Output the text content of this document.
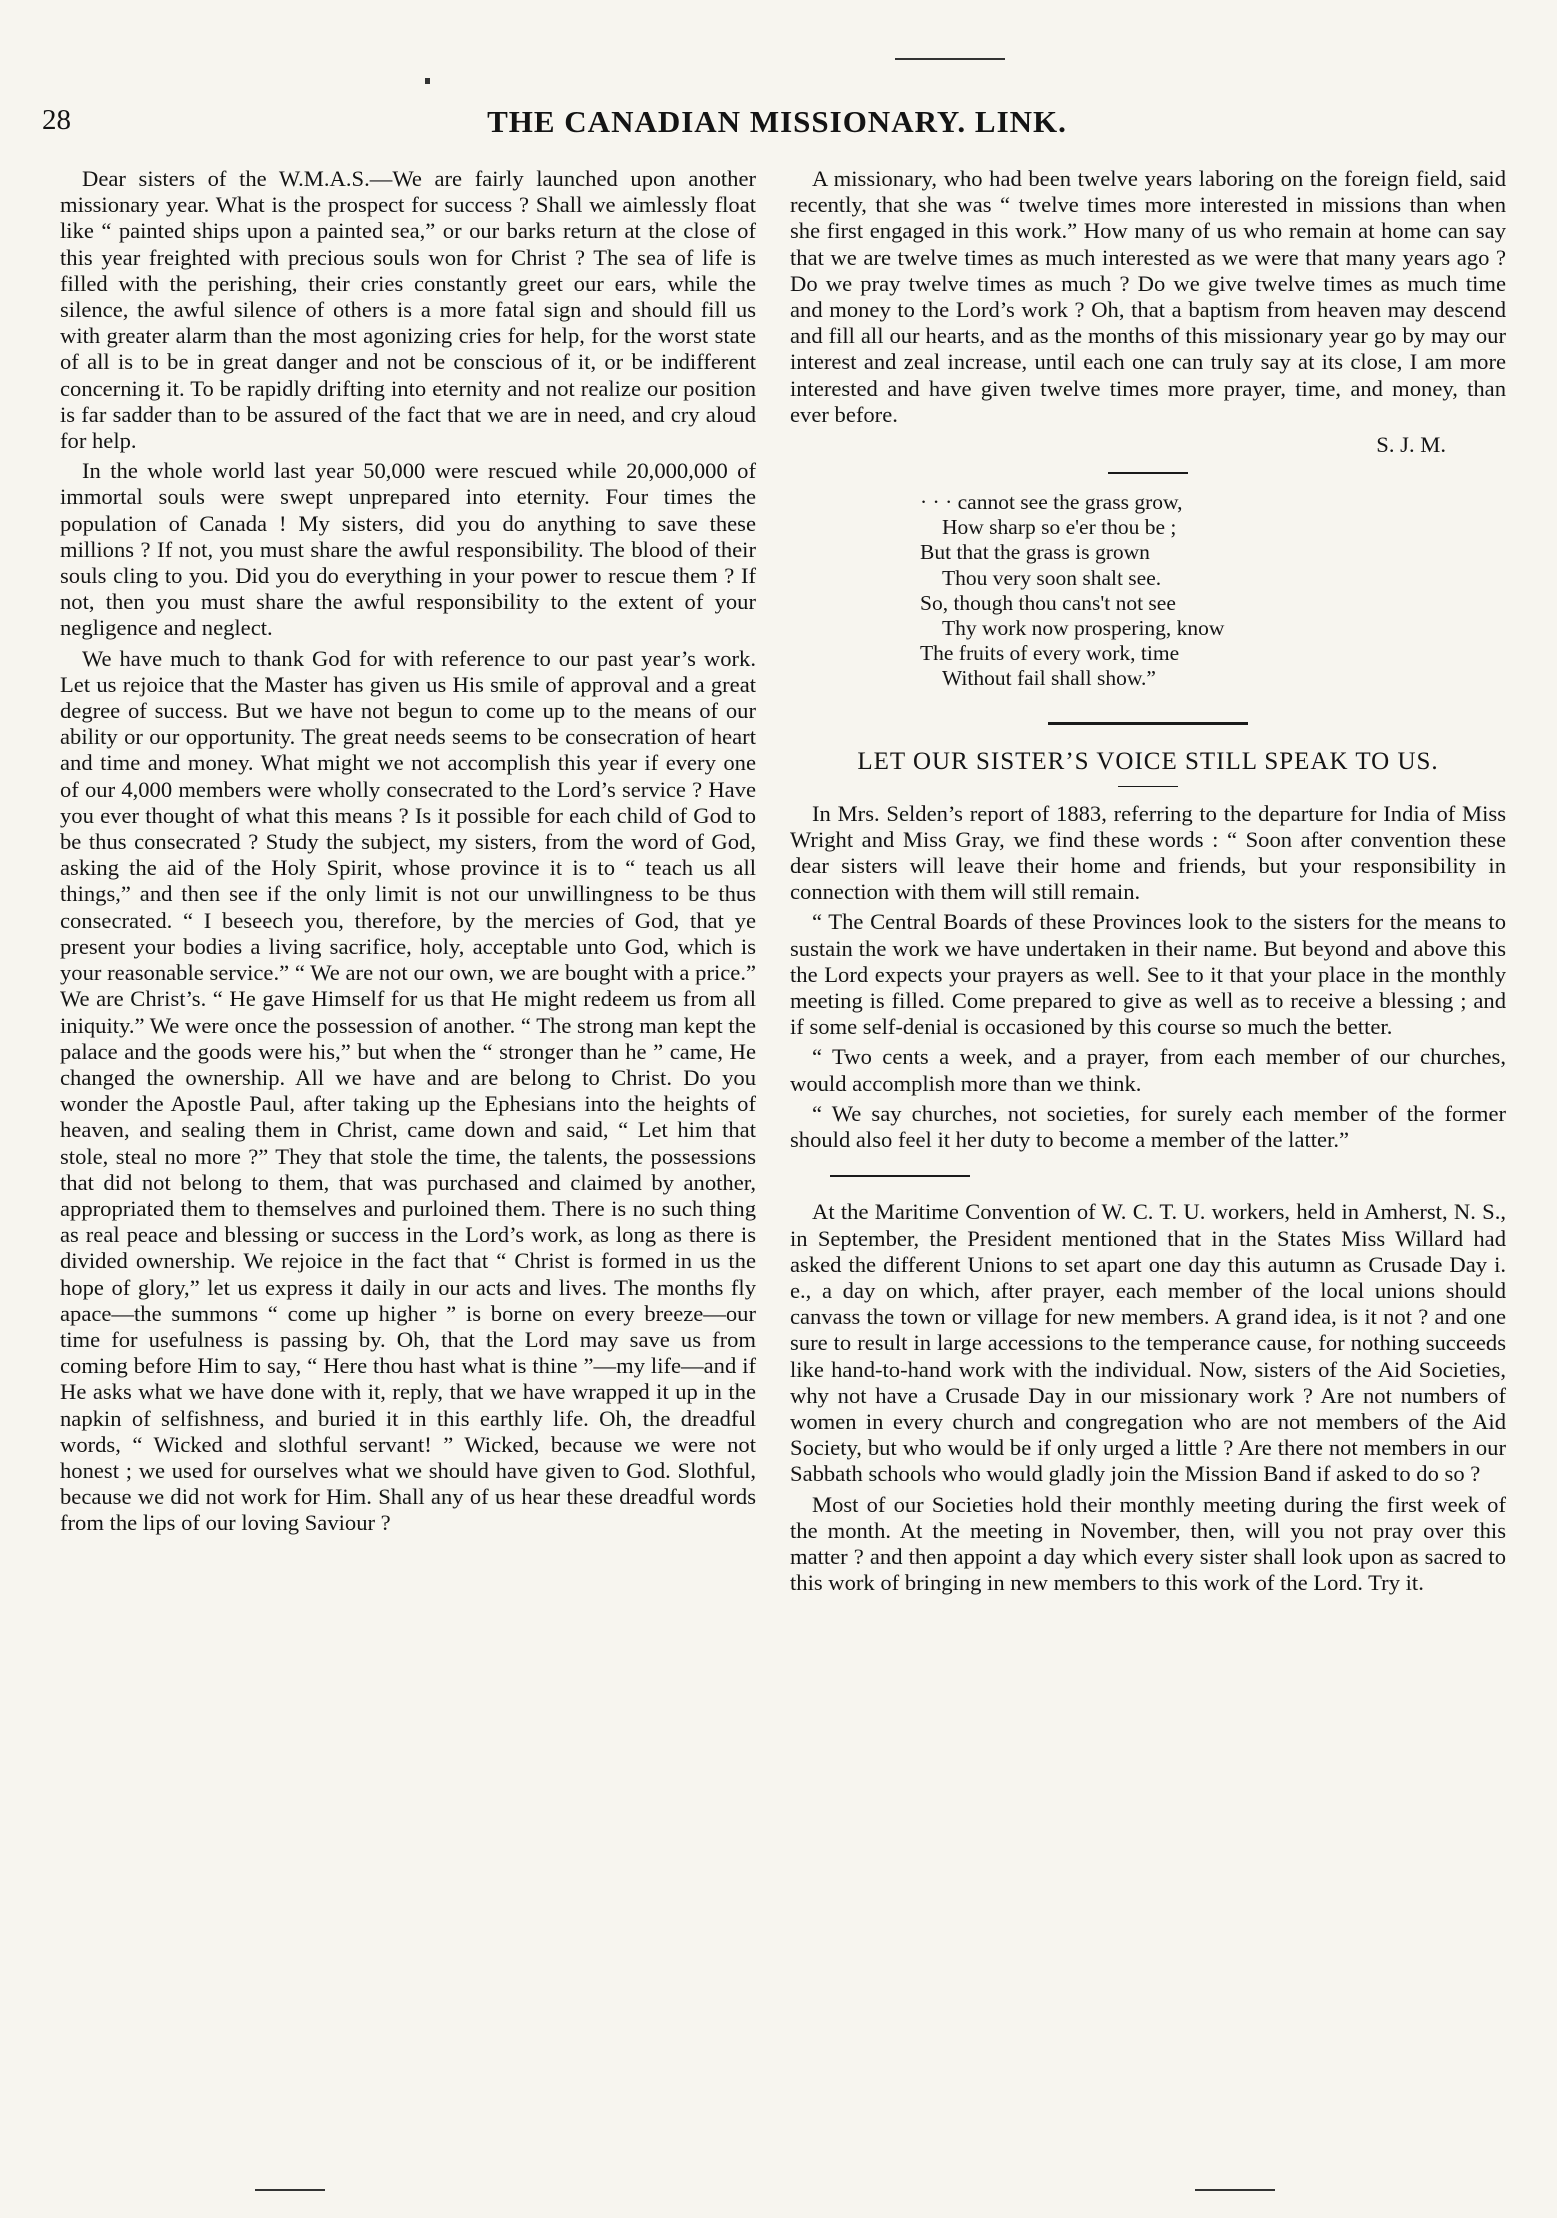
28	THE CANADIAN MISSIONARY. LINK.

Dear sisters of the W.M.A.S.—We are fairly launched upon another missionary year. What is the prospect for success ? Shall we aimlessly float like “ painted ships upon a painted sea,” or our barks return at the close of this year freighted with precious souls won for Christ ? The sea of life is filled with the perishing, their cries constantly greet our ears, while the silence, the awful silence of others is a more fatal sign and should fill us with greater alarm than the most agonizing cries for help, for the worst state of all is to be in great danger and not be conscious of it, or be indifferent concerning it. To be rapidly drifting into eternity and not realize our position is far sadder than to be assured of the fact that we are in need, and cry aloud for help.

In the whole world last year 50,000 were rescued while 20,000,000 of immortal souls were swept unprepared into eternity. Four times the population of Canada ! My sisters, did you do anything to save these millions ? If not, you must share the awful responsibility. The blood of their souls cling to you. Did you do everything in your power to rescue them ? If not, then you must share the awful responsibility to the extent of your negligence and neglect.

We have much to thank God for with reference to our past year’s work. Let us rejoice that the Master has given us His smile of approval and a great degree of success. But we have not begun to come up to the means of our ability or our opportunity. The great needs seems to be consecration of heart and time and money. What might we not accomplish this year if every one of our 4,000 members were wholly consecrated to the Lord’s service ? Have you ever thought of what this means ? Is it possible for each child of God to be thus consecrated ? Study the subject, my sisters, from the word of God, asking the aid of the Holy Spirit, whose province it is to “ teach us all things,” and then see if the only limit is not our unwillingness to be thus consecrated. “ I beseech you, therefore, by the mercies of God, that ye present your bodies a living sacrifice, holy, acceptable unto God, which is your reasonable service.” “ We are not our own, we are bought with a price.” We are Christ’s. “ He gave Himself for us that He might redeem us from all iniquity.” We were once the possession of another. “ The strong man kept the palace and the goods were his,” but when the “ stronger than he ” came, He changed the ownership. All we have and are belong to Christ. Do you wonder the Apostle Paul, after taking up the Ephesians into the heights of heaven, and sealing them in Christ, came down and said, “ Let him that stole, steal no more ?” They that stole the time, the talents, the possessions that did not belong to them, that was purchased and claimed by another, appropriated them to themselves and purloined them. There is no such thing as real peace and blessing or success in the Lord’s work, as long as there is divided ownership. We rejoice in the fact that “ Christ is formed in us the hope of glory,” let us express it daily in our acts and lives. The months fly apace—the summons “ come up higher ” is borne on every breeze—our time for usefulness is passing by. Oh, that the Lord may save us from coming before Him to say, “ Here thou hast what is thine ”—my life—and if He asks what we have done with it, reply, that we have wrapped it up in the napkin of selfishness, and buried it in this earthly life. Oh, the dreadful words, “ Wicked and slothful servant! ” Wicked, because we were not honest ; we used for ourselves what we should have given to God. Slothful, because we did not work for Him. Shall any of us hear these dreadful words from the lips of our loving Saviour ?

A missionary, who had been twelve years laboring on the foreign field, said recently, that she was “ twelve times more interested in missions than when she first engaged in this work.” How many of us who remain at home can say that we are twelve times as much interested as we were that many years ago ? Do we pray twelve times as much ? Do we give twelve times as much time and money to the Lord’s work ? Oh, that a baptism from heaven may descend and fill all our hearts, and as the months of this missionary year go by may our interest and zeal increase, until each one can truly say at its close, I am more interested and have given twelve times more prayer, time, and money, than ever before.

S. J. M.
· · · cannot see the grass grow,
How sharp so e'er thou be ;
But that the grass is grown
Thou very soon shalt see.
So, though thou cans't not see
Thy work now prospering, know
The fruits of every work, time
Without fail shall show.”
LET OUR SISTER’S VOICE STILL SPEAK TO US.

In Mrs. Selden’s report of 1883, referring to the departure for India of Miss Wright and Miss Gray, we find these words : “ Soon after convention these dear sisters will leave their home and friends, but your responsibility in connection with them will still remain.

“ The Central Boards of these Provinces look to the sisters for the means to sustain the work we have undertaken in their name. But beyond and above this the Lord expects your prayers as well. See to it that your place in the monthly meeting is filled. Come prepared to give as well as to receive a blessing ; and if some self-denial is occasioned by this course so much the better.

“ Two cents a week, and a prayer, from each member of our churches, would accomplish more than we think.

“ We say churches, not societies, for surely each member of the former should also feel it her duty to become a member of the latter.”

At the Maritime Convention of W. C. T. U. workers, held in Amherst, N. S., in September, the President mentioned that in the States Miss Willard had asked the different Unions to set apart one day this autumn as Crusade Day i. e., a day on which, after prayer, each member of the local unions should canvass the town or village for new members. A grand idea, is it not ? and one sure to result in large accessions to the temperance cause, for nothing succeeds like hand-to-hand work with the individual. Now, sisters of the Aid Societies, why not have a Crusade Day in our missionary work ? Are not numbers of women in every church and congregation who are not members of the Aid Society, but who would be if only urged a little ? Are there not members in our Sabbath schools who would gladly join the Mission Band if asked to do so ?

Most of our Societies hold their monthly meeting during the first week of the month. At the meeting in November, then, will you not pray over this matter ? and then appoint a day which every sister shall look upon as sacred to this work of bringing in new members to this work of the Lord. Try it.
